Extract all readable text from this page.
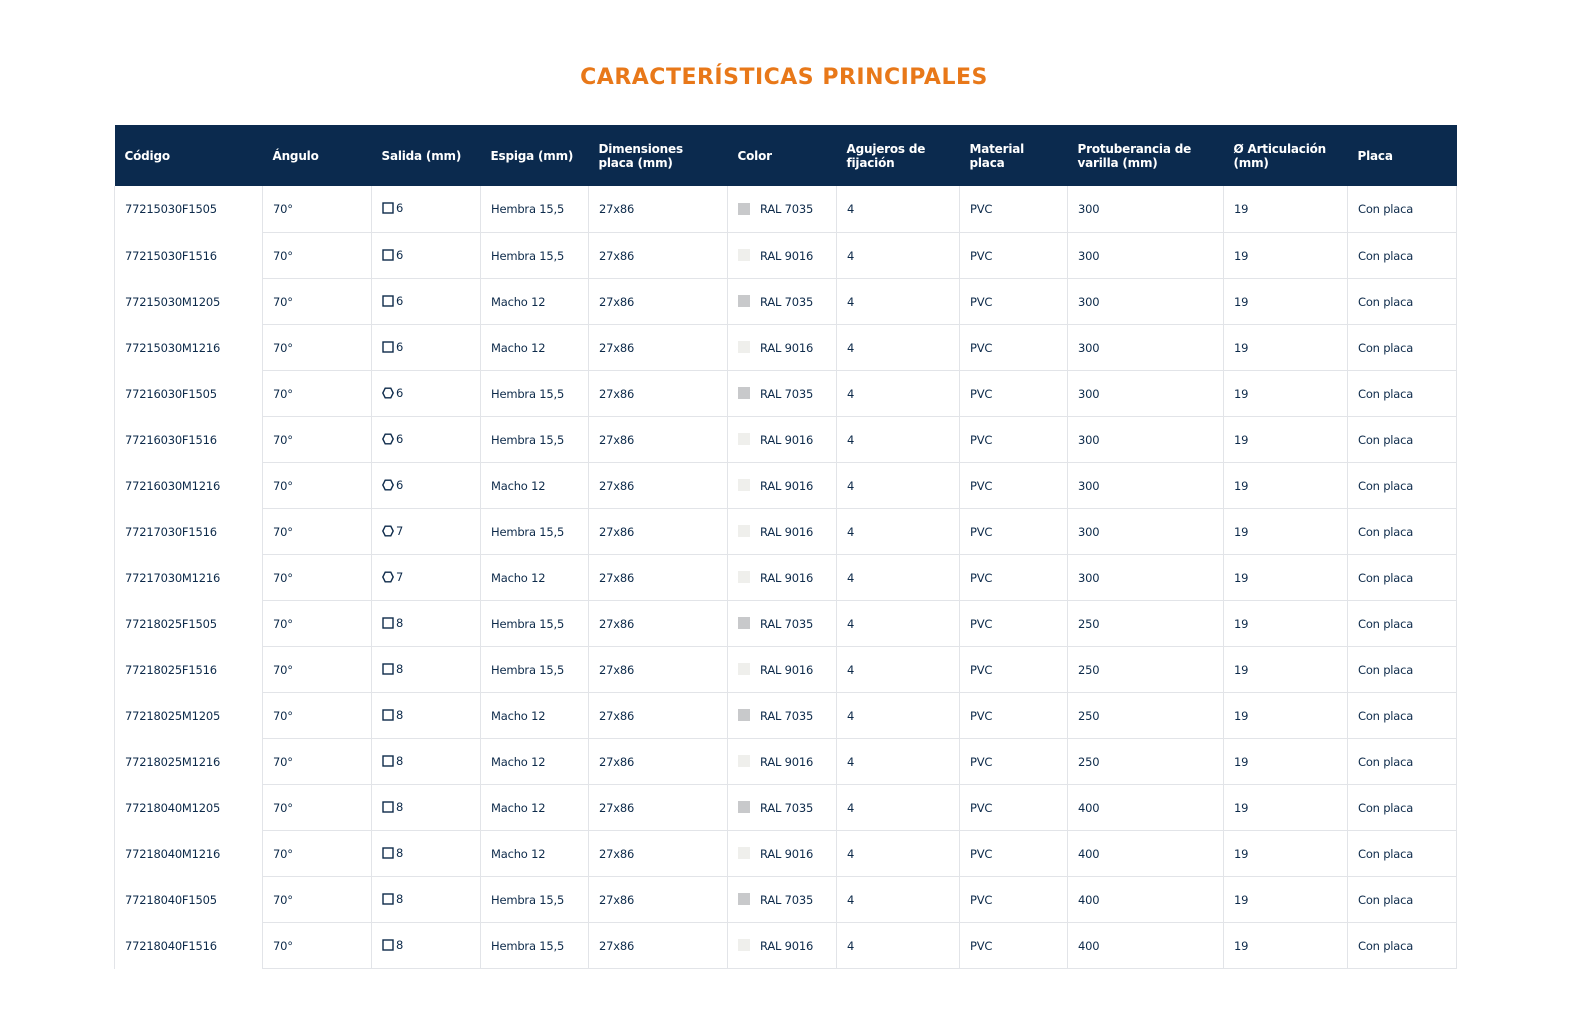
CARACTERÍSTICAS PRINCIPALES
Código	Ángulo	Salida (mm)	Espiga (mm)	Dimensiones placa (mm)	Color	Agujeros de fijación	Material placa	Protuberancia de varilla (mm)	Ø Articulación (mm)	Placa
77215030F1505	70°	6	Hembra 15,5	27x86	RAL 7035	4	PVC	300	19	Con placa
77215030F1516	70°	6	Hembra 15,5	27x86	RAL 9016	4	PVC	300	19	Con placa
77215030M1205	70°	6	Macho 12	27x86	RAL 7035	4	PVC	300	19	Con placa
77215030M1216	70°	6	Macho 12	27x86	RAL 9016	4	PVC	300	19	Con placa
77216030F1505	70°	6	Hembra 15,5	27x86	RAL 7035	4	PVC	300	19	Con placa
77216030F1516	70°	6	Hembra 15,5	27x86	RAL 9016	4	PVC	300	19	Con placa
77216030M1216	70°	6	Macho 12	27x86	RAL 9016	4	PVC	300	19	Con placa
77217030F1516	70°	7	Hembra 15,5	27x86	RAL 9016	4	PVC	300	19	Con placa
77217030M1216	70°	7	Macho 12	27x86	RAL 9016	4	PVC	300	19	Con placa
77218025F1505	70°	8	Hembra 15,5	27x86	RAL 7035	4	PVC	250	19	Con placa
77218025F1516	70°	8	Hembra 15,5	27x86	RAL 9016	4	PVC	250	19	Con placa
77218025M1205	70°	8	Macho 12	27x86	RAL 7035	4	PVC	250	19	Con placa
77218025M1216	70°	8	Macho 12	27x86	RAL 9016	4	PVC	250	19	Con placa
77218040M1205	70°	8	Macho 12	27x86	RAL 7035	4	PVC	400	19	Con placa
77218040M1216	70°	8	Macho 12	27x86	RAL 9016	4	PVC	400	19	Con placa
77218040F1505	70°	8	Hembra 15,5	27x86	RAL 7035	4	PVC	400	19	Con placa
77218040F1516	70°	8	Hembra 15,5	27x86	RAL 9016	4	PVC	400	19	Con placa
